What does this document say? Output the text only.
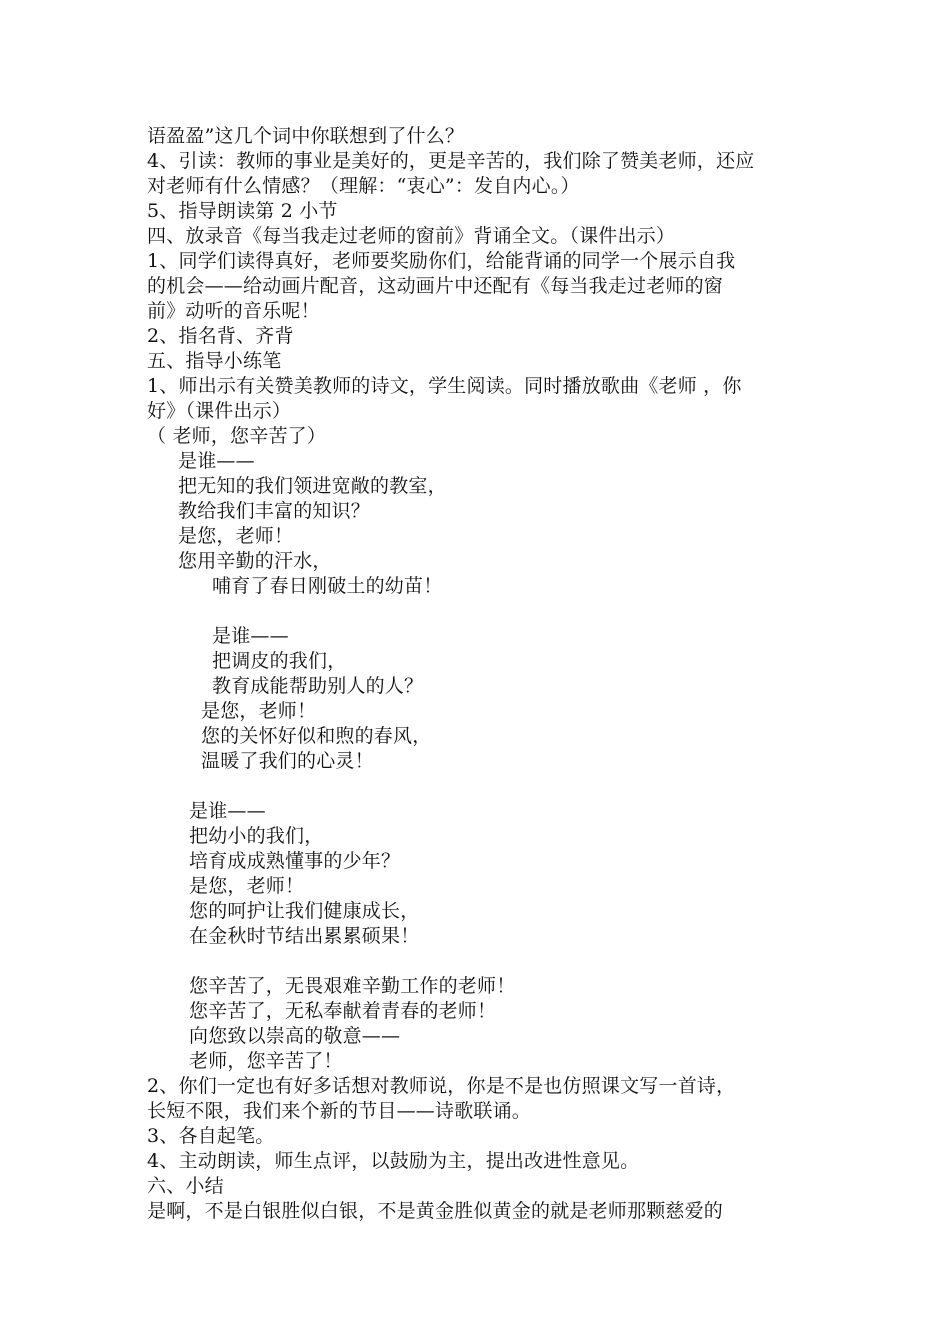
语盈盈”这几个词中你联想到了什么？
4、引读：教师的事业是美好的，更是辛苦的，我们除了赞美老师，还应
对老师有什么情感？（理解：“衷心”：发自内心。）
5、指导朗读第 2 小节
四、放录音《每当我走过老师的窗前》背诵全文。（课件出示）
1、同学们读得真好，老师要奖励你们，给能背诵的同学一个展示自我
的机会——给动画片配音，这动画片中还配有《每当我走过老师的窗
前》动听的音乐呢！
2、指名背、齐背
五、指导小练笔
1、师出示有关赞美教师的诗文，学生阅读。同时播放歌曲《老师 ，你
好》（课件出示）
（ 老师，您辛苦了）
是谁——
把无知的我们领进宽敞的教室，
教给我们丰富的知识？
是您，老师！
您用辛勤的汗水，
哺育了春日刚破土的幼苗！
是谁——
把调皮的我们，
教育成能帮助别人的人？
是您，老师！
您的关怀好似和煦的春风，
温暖了我们的心灵！
是谁——
把幼小的我们，
培育成成熟懂事的少年？
是您，老师！
您的呵护让我们健康成长，
在金秋时节结出累累硕果！
您辛苦了，无畏艰难辛勤工作的老师！
您辛苦了，无私奉献着青春的老师！
向您致以崇高的敬意——
老师，您辛苦了！
2、你们一定也有好多话想对教师说，你是不是也仿照课文写一首诗，
长短不限，我们来个新的节目——诗歌联诵。
3、各自起笔。
4、主动朗读，师生点评，以鼓励为主，提出改进性意见。
六、小结
是啊，不是白银胜似白银，不是黄金胜似黄金的就是老师那颗慈爱的
